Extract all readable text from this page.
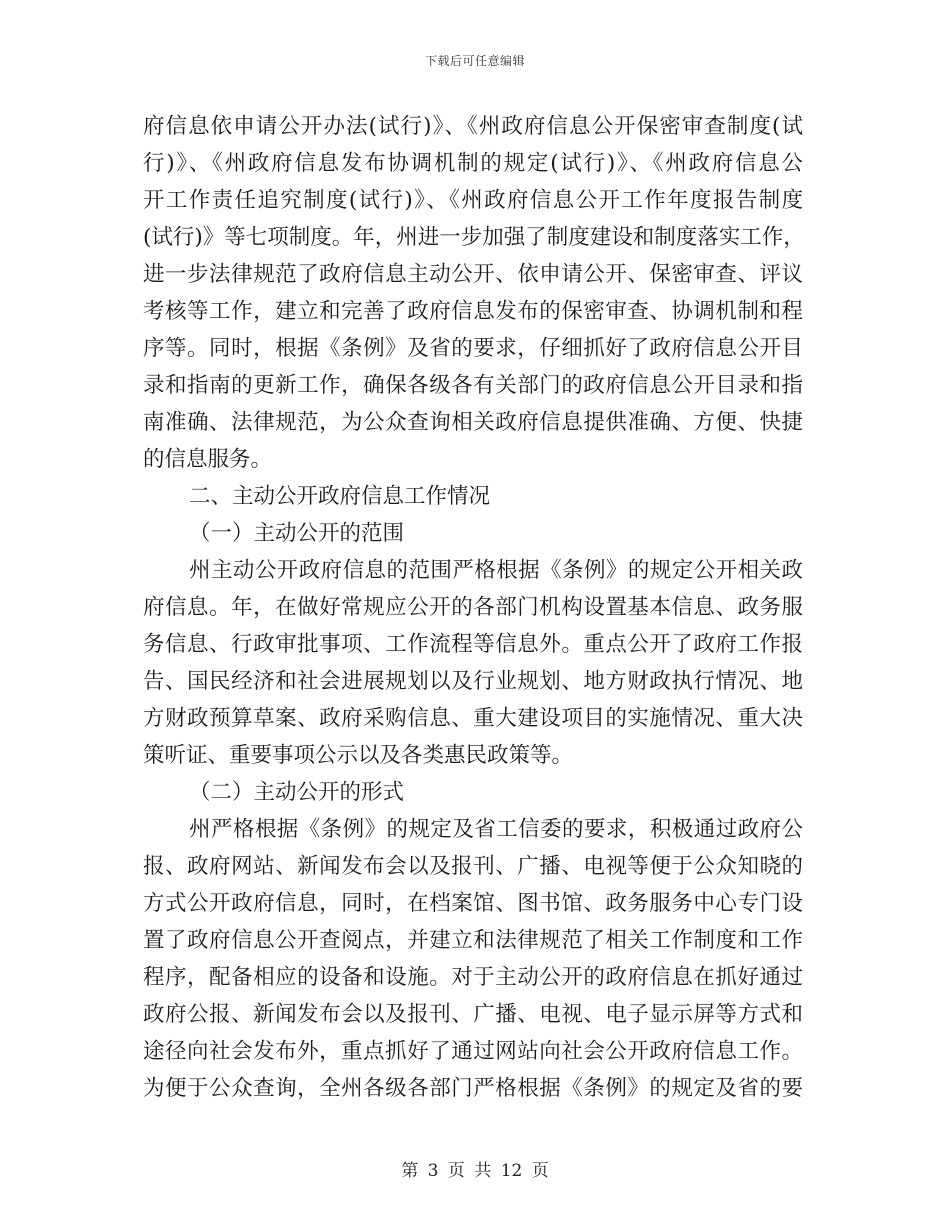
下载后可任意编辑
府信息依申请公开办法(试行)》、《州政府信息公开保密审查制度(试
行)》、《州政府信息发布协调机制的规定(试行)》、《州政府信息公
开工作责任追究制度(试行)》、《州政府信息公开工作年度报告制度
(试行)》等七项制度。年，州进一步加强了制度建设和制度落实工作，
进一步法律规范了政府信息主动公开、依申请公开、保密审查、评议
考核等工作，建立和完善了政府信息发布的保密审查、协调机制和程
序等。同时，根据《条例》及省的要求，仔细抓好了政府信息公开目
录和指南的更新工作，确保各级各有关部门的政府信息公开目录和指
南准确、法律规范，为公众查询相关政府信息提供准确、方便、快捷
的信息服务。
二、主动公开政府信息工作情况
（一）主动公开的范围
州主动公开政府信息的范围严格根据《条例》的规定公开相关政
府信息。年，在做好常规应公开的各部门机构设置基本信息、政务服
务信息、行政审批事项、工作流程等信息外。重点公开了政府工作报
告、国民经济和社会进展规划以及行业规划、地方财政执行情况、地
方财政预算草案、政府采购信息、重大建设项目的实施情况、重大决
策听证、重要事项公示以及各类惠民政策等。
（二）主动公开的形式
州严格根据《条例》的规定及省工信委的要求，积极通过政府公
报、政府网站、新闻发布会以及报刊、广播、电视等便于公众知晓的
方式公开政府信息，同时，在档案馆、图书馆、政务服务中心专门设
置了政府信息公开查阅点，并建立和法律规范了相关工作制度和工作
程序，配备相应的设备和设施。对于主动公开的政府信息在抓好通过
政府公报、新闻发布会以及报刊、广播、电视、电子显示屏等方式和
途径向社会发布外，重点抓好了通过网站向社会公开政府信息工作。
为便于公众查询，全州各级各部门严格根据《条例》的规定及省的要
第 3 页 共 12 页
